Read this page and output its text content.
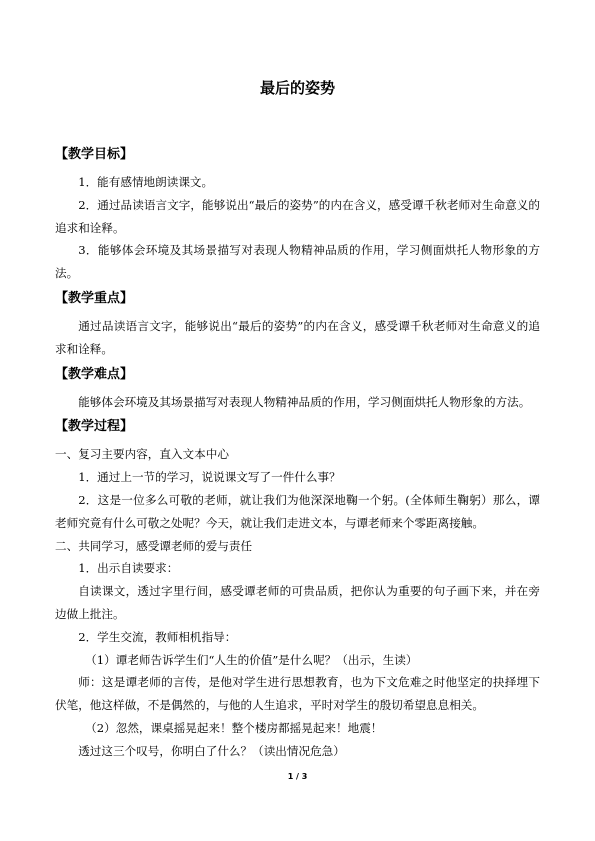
最后的姿势
【教学目标】

1．能有感情地朗读课文。

2．通过品读语言文字，能够说出“最后的姿势”的内在含义，感受谭千秋老师对生命意义的追求和诠释。

3．能够体会环境及其场景描写对表现人物精神品质的作用，学习侧面烘托人物形象的方法。

【教学重点】

通过品读语言文字，能够说出“最后的姿势”的内在含义，感受谭千秋老师对生命意义的追求和诠释。

【教学难点】

能够体会环境及其场景描写对表现人物精神品质的作用，学习侧面烘托人物形象的方法。

【教学过程】

一、复习主要内容，直入文本中心

1．通过上一节的学习，说说课文写了一件什么事？

2．这是一位多么可敬的老师，就让我们为他深深地鞠一个躬。(全体师生鞠躬）那么，谭老师究竟有什么可敬之处呢？今天，就让我们走进文本，与谭老师来个零距离接触。

二、共同学习，感受谭老师的爱与责任

1．出示自读要求：

自读课文，透过字里行间，感受谭老师的可贵品质，把你认为重要的句子画下来，并在旁边做上批注。

2．学生交流，教师相机指导：

（1）谭老师告诉学生们“人生的价值”是什么呢？（出示，生读）

师：这是谭老师的言传，是他对学生进行思想教育，也为下文危难之时他坚定的抉择埋下伏笔，他这样做，不是偶然的，与他的人生追求，平时对学生的殷切希望息息相关。

（2）忽然，课桌摇晃起来！整个楼房都摇晃起来！地震！

透过这三个叹号，你明白了什么？（读出情况危急）

1 / 3
